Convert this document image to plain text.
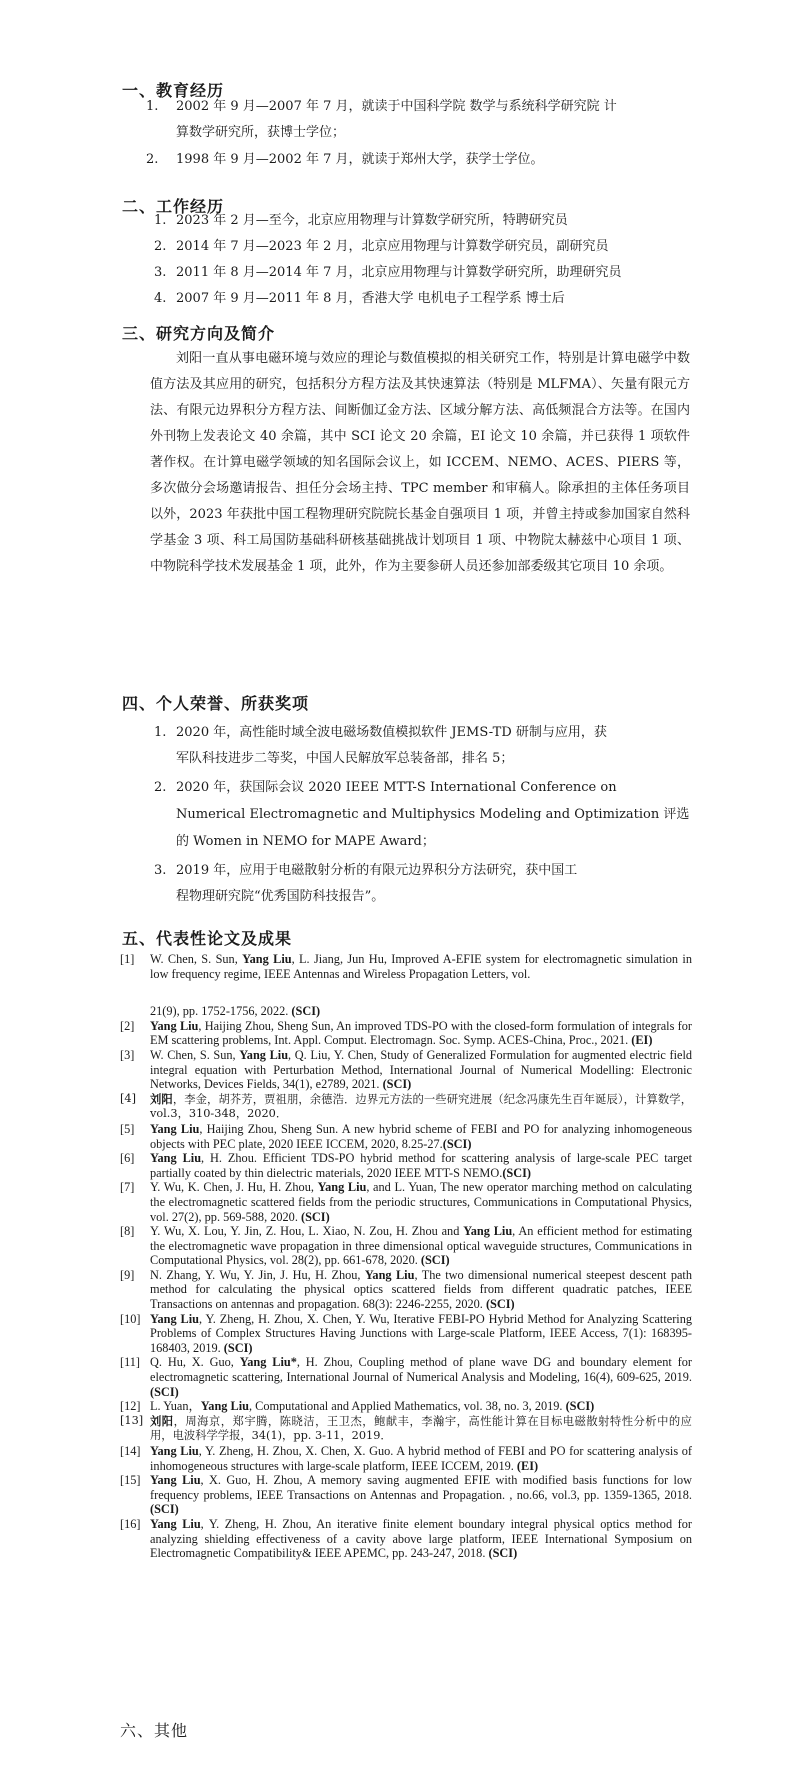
一、教育经历
1. 2002 年 9 月—2007 年 7 月，就读于中国科学院 数学与系统科学研究院 计
算数学研究所，获博士学位；
2. 1998 年 9 月—2002 年 7 月，就读于郑州大学，获学士学位。
二、工作经历
1. 2023 年 2 月—至今，北京应用物理与计算数学研究所，特聘研究员
2. 2014 年 7 月—2023 年 2 月，北京应用物理与计算数学研究员，副研究员
3. 2011 年 8 月—2014 年 7 月，北京应用物理与计算数学研究所，助理研究员
4. 2007 年 9 月—2011 年 8 月，香港大学 电机电子工程学系 博士后
三、研究方向及简介
刘阳一直从事电磁环境与效应的理论与数值模拟的相关研究工作，特别是计算电磁学中数值方法及其应用的研究，包括积分方程方法及其快速算法（特别是 MLFMA）、矢量有限元方法、有限元边界积分方程方法、间断伽辽金方法、区域分解方法、高低频混合方法等。在国内外刊物上发表论文 40 余篇，其中 SCI 论文 20 余篇，EI 论文 10 余篇，并已获得 1 项软件著作权。在计算电磁学领域的知名国际会议上，如 ICCEM、NEMO、ACES、PIERS 等，多次做分会场邀请报告、担任分会场主持、TPC member 和审稿人。除承担的主体任务项目以外，2023 年获批中国工程物理研究院院长基金自强项目 1 项，并曾主持或参加国家自然科学基金 3 项、科工局国防基础科研核基础挑战计划项目 1 项、中物院太赫兹中心项目 1 项、中物院科学技术发展基金 1 项，此外，作为主要参研人员还参加部委级其它项目 10 余项。
四、个人荣誉、所获奖项
1. 2020 年，高性能时域全波电磁场数值模拟软件 JEMS-TD 研制与应用，获
军队科技进步二等奖，中国人民解放军总装备部，排名 5；
2. 2020 年，获国际会议 2020 IEEE MTT-S International Conference on
Numerical Electromagnetic and Multiphysics Modeling and Optimization 评选
的 Women in NEMO for MAPE Award；
3. 2019 年，应用于电磁散射分析的有限元边界积分方法研究，获中国工
程物理研究院“优秀国防科技报告”。
五、代表性论文及成果
[1] W. Chen, S. Sun, Yang Liu, L. Jiang, Jun Hu, Improved A-EFIE system for electromagnetic simulation in low frequency regime, IEEE Antennas and Wireless Propagation Letters, vol.
21(9), pp. 1752-1756, 2022. (SCI)
[2] Yang Liu, Haijing Zhou, Sheng Sun, An improved TDS-PO with the closed-form formulation of integrals for EM scattering problems, Int. Appl. Comput. Electromagn. Soc. Symp. ACES-China, Proc., 2021. (EI)
[3] W. Chen, S. Sun, Yang Liu, Q. Liu, Y. Chen, Study of Generalized Formulation for augmented electric field integral equation with Perturbation Method, International Journal of Numerical Modelling: Electronic Networks, Devices Fields, 34(1), e2789, 2021. (SCI)
[4] 刘阳，李金，胡芥芳，贾祖朋，余德浩．边界元方法的一些研究进展（纪念冯康先生百年诞辰），计算数学，vol.3，310-348，2020．
[5] Yang Liu, Haijing Zhou, Sheng Sun. A new hybrid scheme of FEBI and PO for analyzing inhomogeneous objects with PEC plate, 2020 IEEE ICCEM, 2020, 8.25-27.(SCI)
[6] Yang Liu, H. Zhou. Efficient TDS-PO hybrid method for scattering analysis of large-scale PEC target partially coated by thin dielectric materials, 2020 IEEE MTT-S NEMO.(SCI)
[7] Y. Wu, K. Chen, J. Hu, H. Zhou, Yang Liu, and L. Yuan, The new operator marching method on calculating the electromagnetic scattered fields from the periodic structures, Communications in Computational Physics, vol. 27(2), pp. 569-588, 2020. (SCI)
[8] Y. Wu, X. Lou, Y. Jin, Z. Hou, L. Xiao, N. Zou, H. Zhou and Yang Liu, An efficient method for estimating the electromagnetic wave propagation in three dimensional optical waveguide structures, Communications in Computational Physics, vol. 28(2), pp. 661-678, 2020. (SCI)
[9] N. Zhang, Y. Wu, Y. Jin, J. Hu, H. Zhou, Yang Liu, The two dimensional numerical steepest descent path method for calculating the physical optics scattered fields from different quadratic patches, IEEE Transactions on antennas and propagation. 68(3): 2246-2255, 2020. (SCI)
[10] Yang Liu, Y. Zheng, H. Zhou, X. Chen, Y. Wu, Iterative FEBI-PO Hybrid Method for Analyzing Scattering Problems of Complex Structures Having Junctions with Large-scale Platform, IEEE Access, 7(1): 168395-168403, 2019. (SCI)
[11] Q. Hu, X. Guo, Yang Liu*, H. Zhou, Coupling method of plane wave DG and boundary element for electromagnetic scattering, International Journal of Numerical Analysis and Modeling, 16(4), 609-625, 2019.(SCI)
[12] L. Yuan，Yang Liu, Computational and Applied Mathematics, vol. 38, no. 3, 2019. (SCI)
[13] 刘阳，周海京，郑宇腾，陈晓洁，王卫杰，鲍献丰，李瀚宇，高性能计算在目标电磁散射特性分析中的应用，电波科学学报，34(1)，pp. 3-11，2019．
[14] Yang Liu, Y. Zheng, H. Zhou, X. Chen, X. Guo. A hybrid method of FEBI and PO for scattering analysis of inhomogeneous structures with large-scale platform, IEEE ICCEM, 2019. (EI)
[15] Yang Liu, X. Guo, H. Zhou, A memory saving augmented EFIE with modified basis functions for low frequency problems, IEEE Transactions on Antennas and Propagation. , no.66, vol.3, pp. 1359-1365, 2018. (SCI)
[16] Yang Liu, Y. Zheng, H. Zhou, An iterative finite element boundary integral physical optics method for analyzing shielding effectiveness of a cavity above large platform, IEEE International Symposium on Electromagnetic Compatibility& IEEE APEMC, pp. 243-247, 2018. (SCI)
六、其他
